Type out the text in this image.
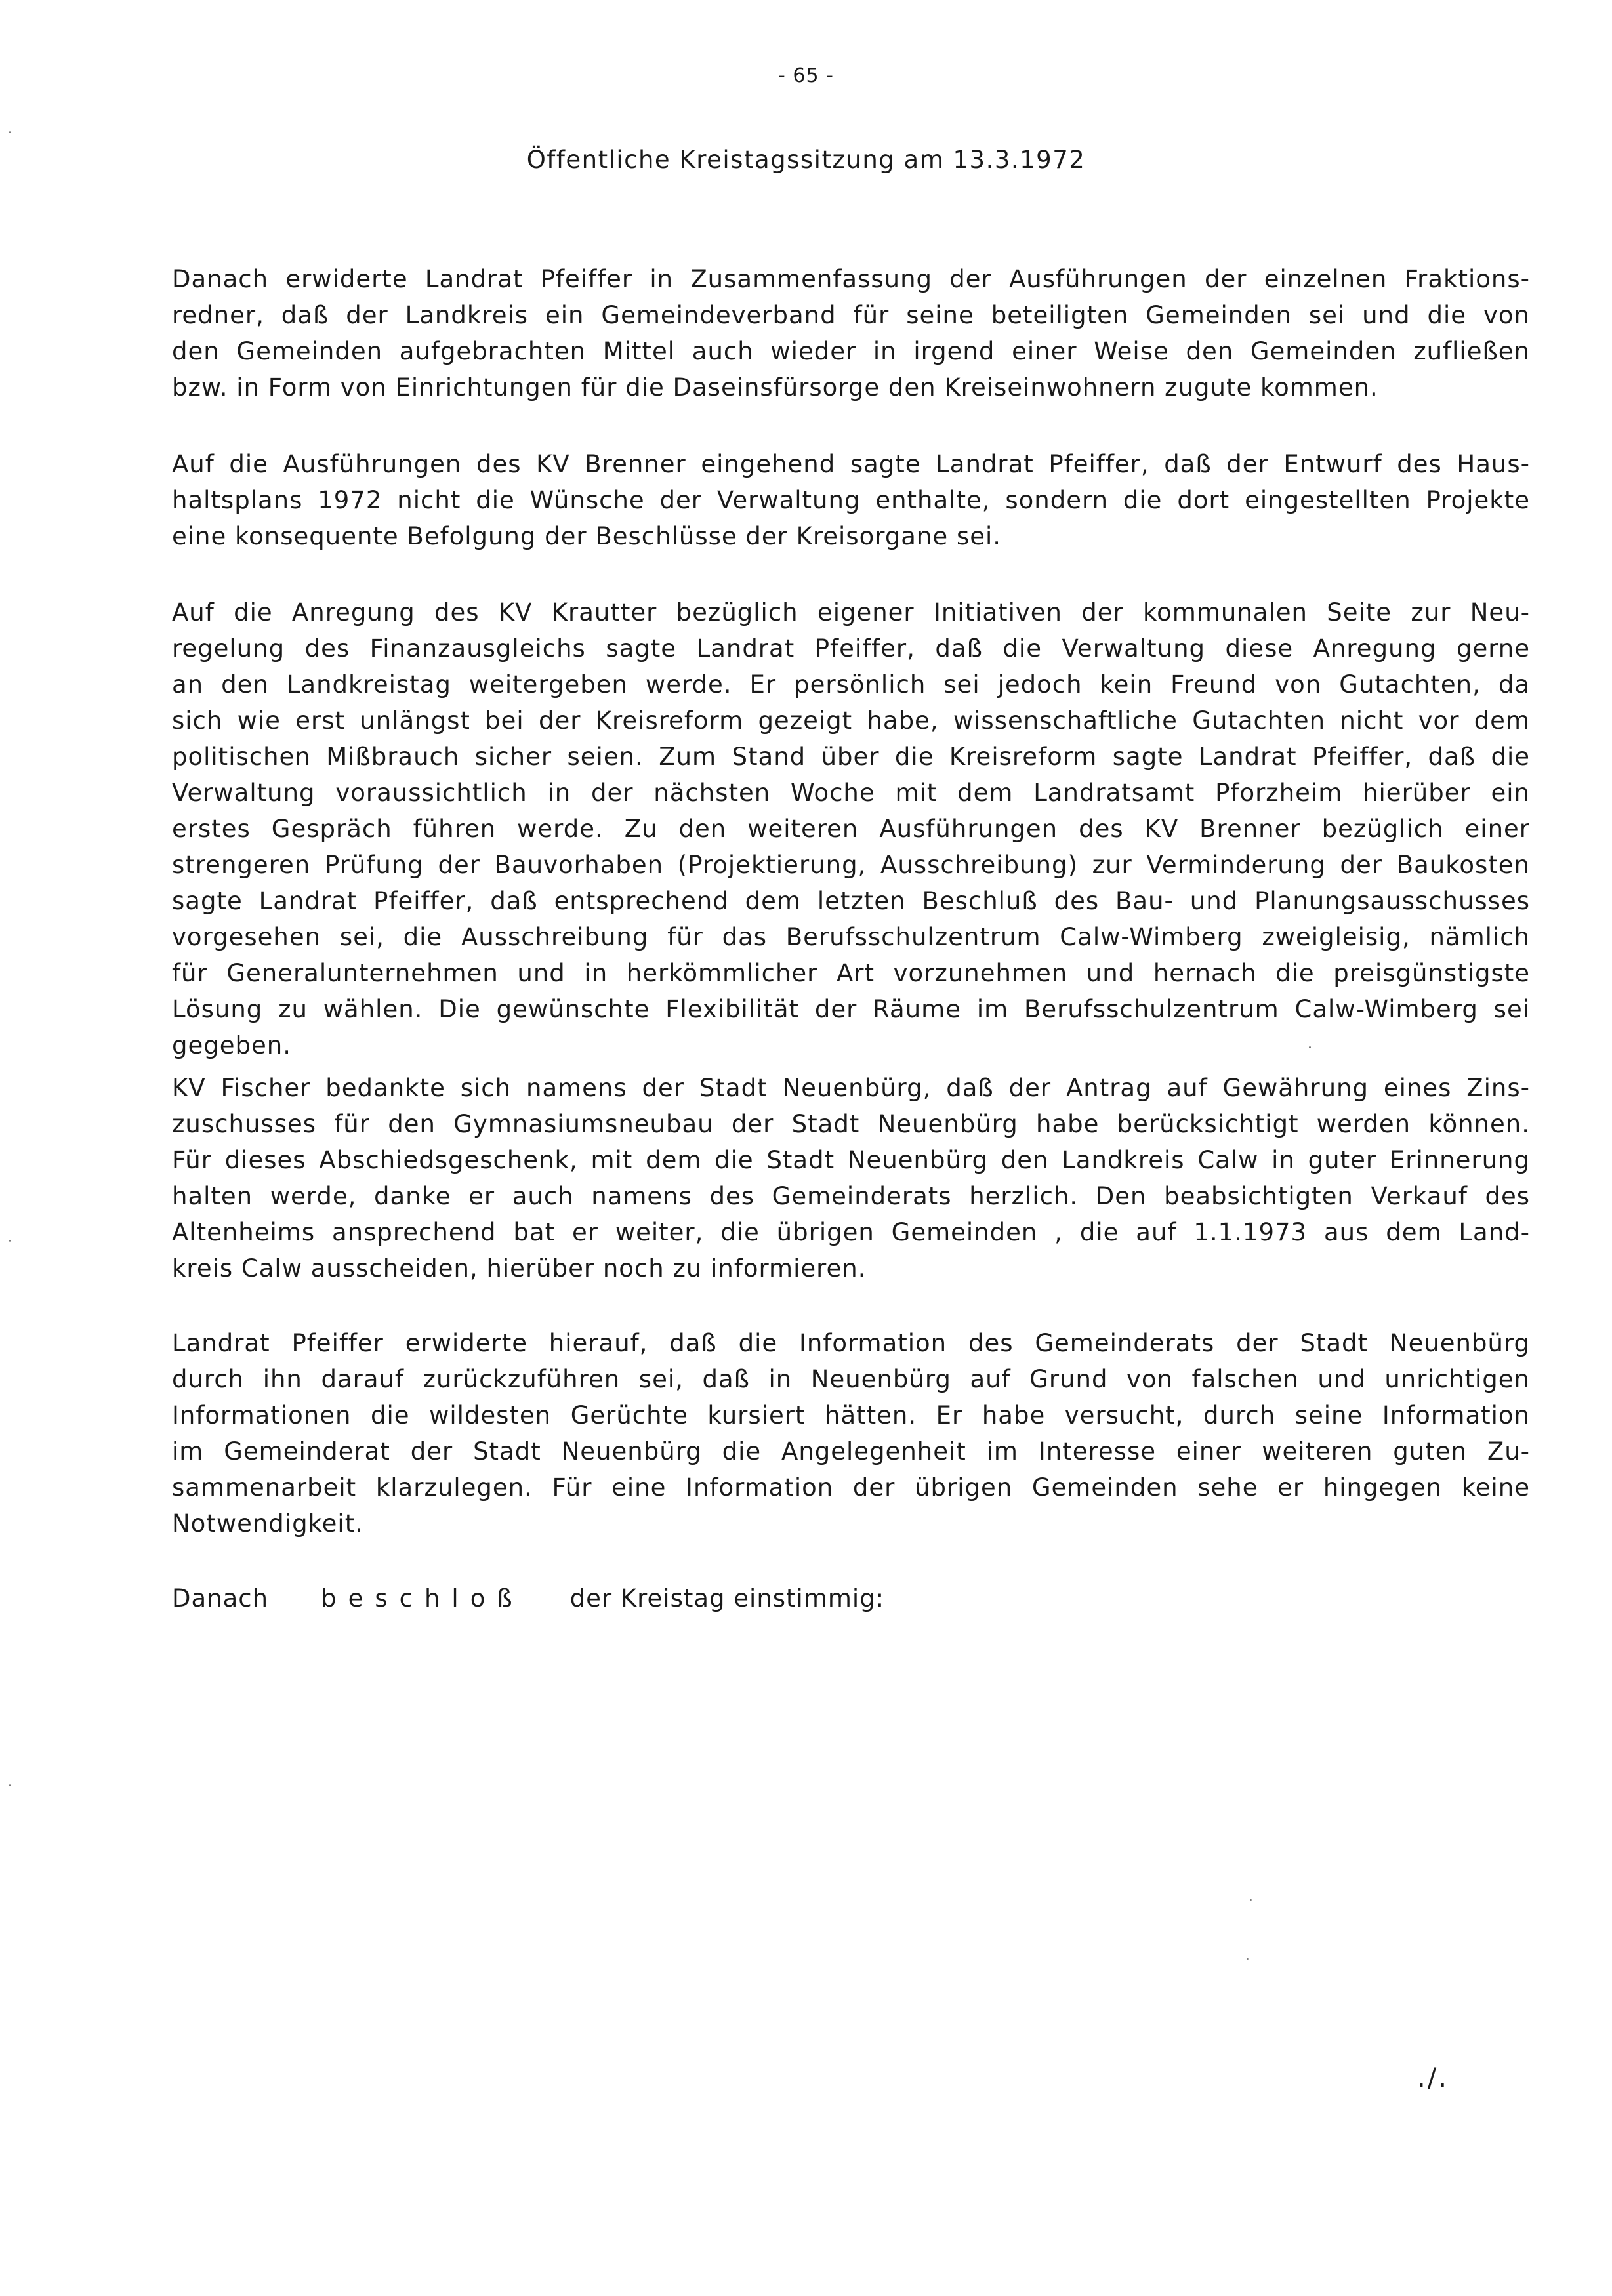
- 65 -
Öffentliche Kreistagssitzung am 13.3.1972

Danach erwiderte Landrat Pfeiffer in Zusammenfassung der Ausführungen der einzelnen Fraktions-
redner, daß der Landkreis ein Gemeindeverband für seine beteiligten Gemeinden sei und die von
den Gemeinden aufgebrachten Mittel auch wieder in irgend einer Weise den Gemeinden zufließen
bzw. in Form von Einrichtungen für die Daseinsfürsorge den Kreiseinwohnern zugute kommen.

Auf die Ausführungen des KV Brenner eingehend sagte Landrat Pfeiffer, daß der Entwurf des Haus-
haltsplans 1972 nicht die Wünsche der Verwaltung enthalte, sondern die dort eingestellten Projekte
eine konsequente Befolgung der Beschlüsse der Kreisorgane sei.

Auf die Anregung des KV Krautter bezüglich eigener Initiativen der kommunalen Seite zur Neu-
regelung des Finanzausgleichs sagte Landrat Pfeiffer, daß die Verwaltung diese Anregung gerne
an den Landkreistag weitergeben werde. Er persönlich sei jedoch kein Freund von Gutachten, da
sich wie erst unlängst bei der Kreisreform gezeigt habe, wissenschaftliche Gutachten nicht vor dem
politischen Mißbrauch sicher seien. Zum Stand über die Kreisreform sagte Landrat Pfeiffer, daß die
Verwaltung voraussichtlich in der nächsten Woche mit dem Landratsamt Pforzheim hierüber ein
erstes Gespräch führen werde. Zu den weiteren Ausführungen des KV Brenner bezüglich einer
strengeren Prüfung der Bauvorhaben (Projektierung, Ausschreibung) zur Verminderung der Baukosten
sagte Landrat Pfeiffer, daß entsprechend dem letzten Beschluß des Bau- und Planungsausschusses
vorgesehen sei, die Ausschreibung für das Berufsschulzentrum Calw-Wimberg zweigleisig, nämlich
für Generalunternehmen und in herkömmlicher Art vorzunehmen und hernach die preisgünstigste
Lösung zu wählen. Die gewünschte Flexibilität der Räume im Berufsschulzentrum Calw-Wimberg sei
gegeben.

KV Fischer bedankte sich namens der Stadt Neuenbürg, daß der Antrag auf Gewährung eines Zins-
zuschusses für den Gymnasiumsneubau der Stadt Neuenbürg habe berücksichtigt werden können.
Für dieses Abschiedsgeschenk, mit dem die Stadt Neuenbürg den Landkreis Calw in guter Erinnerung
halten werde, danke er auch namens des Gemeinderats herzlich. Den beabsichtigten Verkauf des
Altenheims ansprechend bat er weiter, die übrigen Gemeinden , die auf 1.1.1973 aus dem Land-
kreis Calw ausscheiden, hierüber noch zu informieren.

Landrat Pfeiffer erwiderte hierauf, daß die Information des Gemeinderats der Stadt Neuenbürg
durch ihn darauf zurückzuführen sei, daß in Neuenbürg auf Grund von falschen und unrichtigen
Informationen die wildesten Gerüchte kursiert hätten. Er habe versucht, durch seine Information
im Gemeinderat der Stadt Neuenbürg die Angelegenheit im Interesse einer weiteren guten Zu-
sammenarbeit klarzulegen. Für eine Information der übrigen Gemeinden sehe er hingegen keine
Notwendigkeit.

Danach beschloß der Kreistag einstimmig:
./.
